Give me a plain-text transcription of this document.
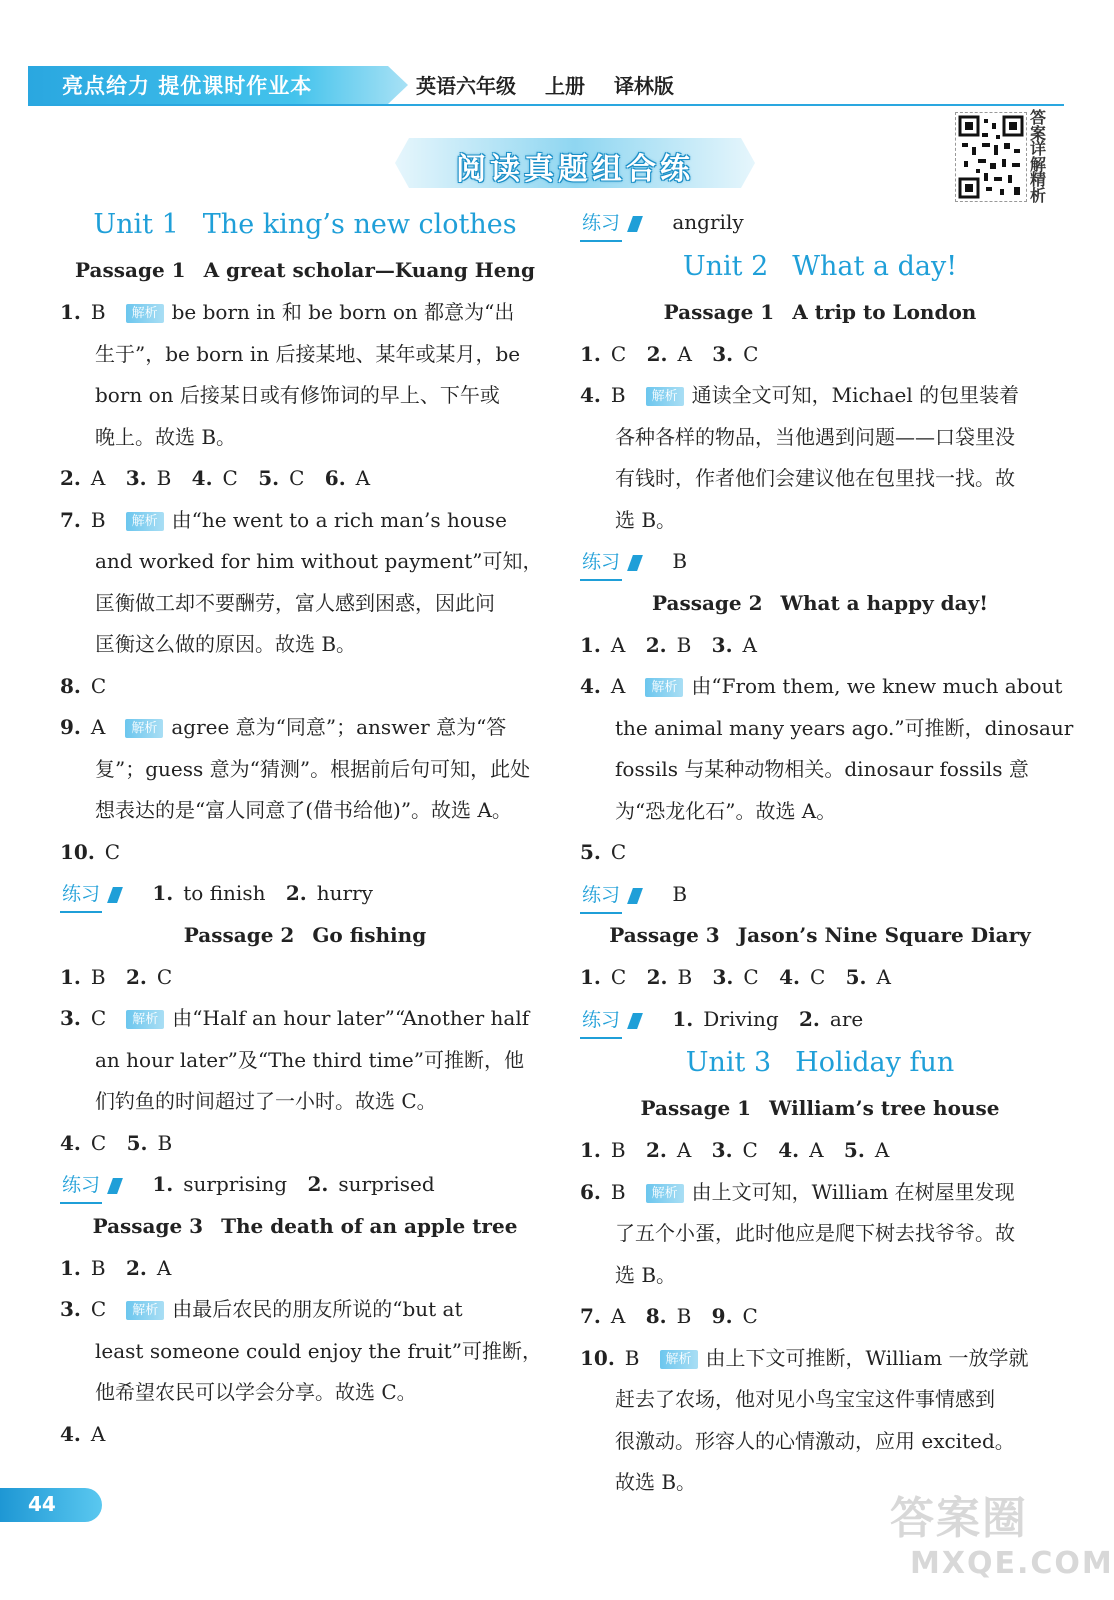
亮点给力 提优课时作业本	英语六年级 上册 译林版
阅读真题组合练
答案详解精析
Unit 1 The king’s new clothes
Passage 1 A great scholar—Kuang Heng
1. B 解析 be born in 和 be born on 都意为“出
生于”，be born in 后接某地、某年或某月，be
born on 后接某日或有修饰词的早上、下午或
晚上。故选 B。
2. A 3. B 4. C 5. C 6. A
7. B 解析 由“he went to a rich man’s house
and worked for him without payment”可知，
匡衡做工却不要酬劳，富人感到困惑，因此问
匡衡这么做的原因。故选 B。
8. C
9. A 解析 agree 意为“同意”；answer 意为“答
复”；guess 意为“猜测”。根据前后句可知，此处
想表达的是“富人同意了(借书给他)”。故选 A。
10. C
练习	1. to finish 2. hurry
Passage 2 Go fishing
1. B 2. C
3. C 解析 由“Half an hour later”“Another half
an hour later”及“The third time”可推断，他
们钓鱼的时间超过了一小时。故选 C。
4. C 5. B
练习	1. surprising 2. surprised
Passage 3 The death of an apple tree
1. B 2. A
3. C 解析 由最后农民的朋友所说的“but at
least someone could enjoy the fruit”可推断，
他希望农民可以学会分享。故选 C。
4. A
练习	angrily
Unit 2 What a day!
Passage 1 A trip to London
1. C 2. A 3. C
4. B 解析 通读全文可知，Michael 的包里装着
各种各样的物品，当他遇到问题——口袋里没
有钱时，作者他们会建议他在包里找一找。故
选 B。
练习	B
Passage 2 What a happy day!
1. A 2. B 3. A
4. A 解析 由“From them, we knew much about
the animal many years ago.”可推断，dinosaur
fossils 与某种动物相关。dinosaur fossils 意
为“恐龙化石”。故选 A。
5. C
练习	B
Passage 3 Jason’s Nine Square Diary
1. C 2. B 3. C 4. C 5. A
练习	1. Driving 2. are
Unit 3 Holiday fun
Passage 1 William’s tree house
1. B 2. A 3. C 4. A 5. A
6. B 解析 由上文可知，William 在树屋里发现
了五个小蛋，此时他应是爬下树去找爷爷。故
选 B。
7. A 8. B 9. C
10. B 解析 由上下文可推断，William 一放学就
赶去了农场，他对见小鸟宝宝这件事情感到
很激动。形容人的心情激动，应用 excited。
故选 B。
44	答案圈
MXQE.COM
